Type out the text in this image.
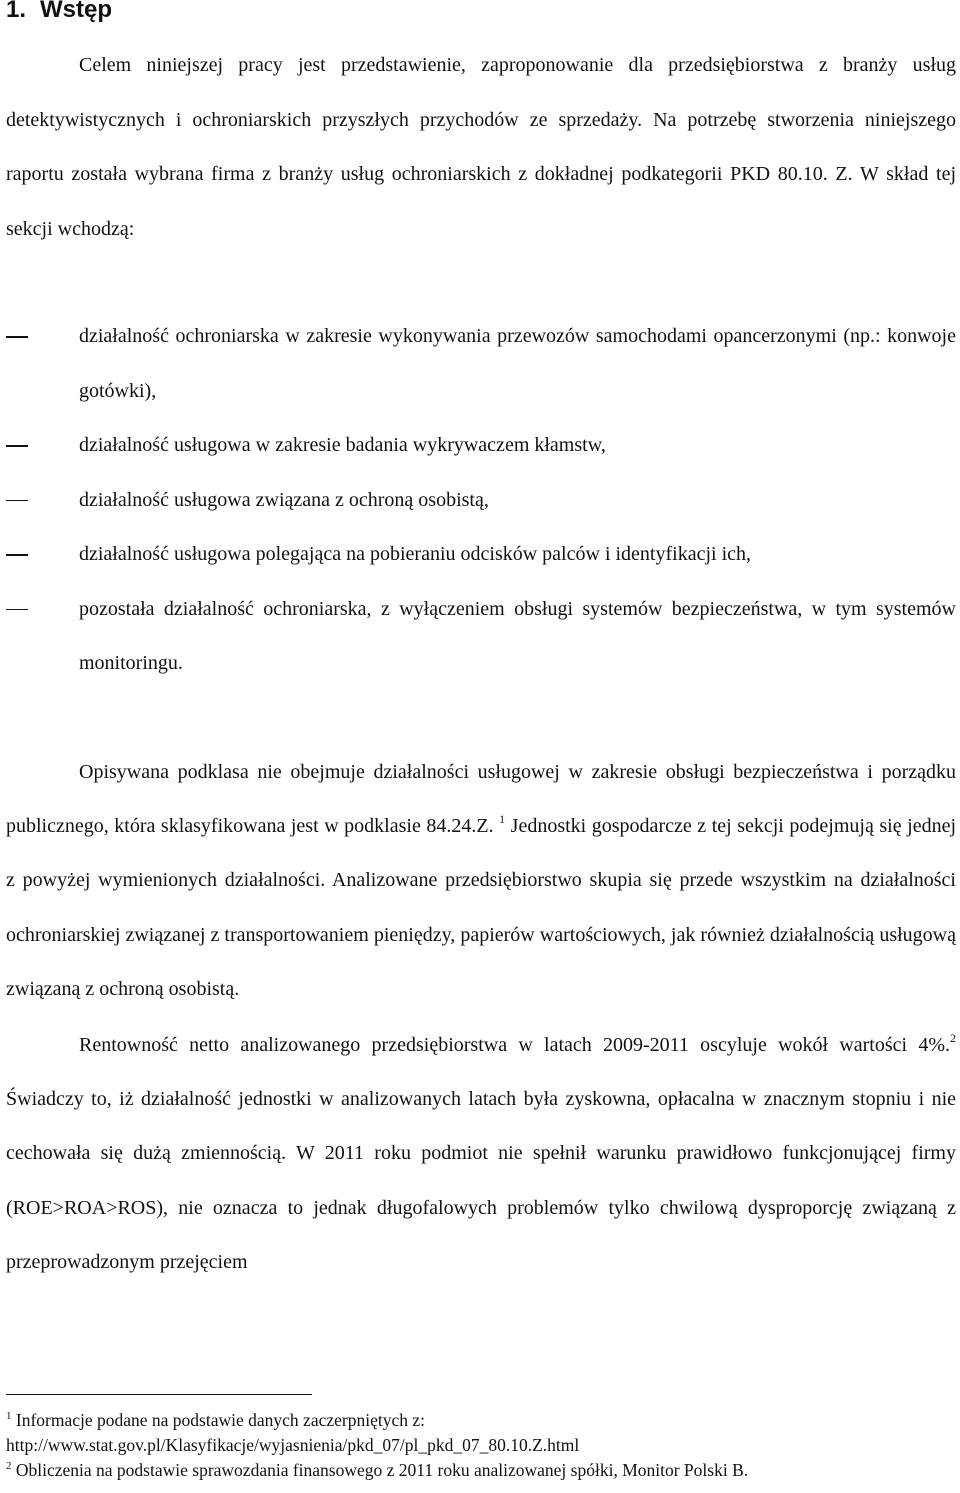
1. Wstęp

Celem niniejszej pracy jest przedstawienie, zaproponowanie dla przedsiębiorstwa z branży usług detektywistycznych i ochroniarskich przyszłych przychodów ze sprzedaży. Na potrzebę stworzenia niniejszego raportu została wybrana firma z branży usług ochroniarskich z dokładnej podkategorii PKD 80.10. Z. W skład tej sekcji wchodzą:

działalność ochroniarska w zakresie wykonywania przewozów samochodami opancerzonymi (np.: konwoje gotówki),
działalność usługowa w zakresie badania wykrywaczem kłamstw,
działalność usługowa związana z ochroną osobistą,
działalność usługowa polegająca na pobieraniu odcisków palców i identyfikacji ich,
pozostała działalność ochroniarska, z wyłączeniem obsługi systemów bezpieczeństwa, w tym systemów monitoringu.

Opisywana podklasa nie obejmuje działalności usługowej w zakresie obsługi bezpieczeństwa i porządku publicznego, która sklasyfikowana jest w podklasie 84.24.Z. $^1$ Jednostki gospodarcze z tej sekcji podejmują się jednej z powyżej wymienionych działalności. Analizowane przedsiębiorstwo skupia się przede wszystkim na działalności ochroniarskiej związanej z transportowaniem pieniędzy, papierów wartościowych, jak również działalnością usługową związaną z ochroną osobistą.

Rentowność netto analizowanego przedsiębiorstwa w latach 2009-2011 oscyluje wokół wartości 4%.$^2$ Świadczy to, iż działalność jednostki w analizowanych latach była zyskowna, opłacalna w znacznym stopniu i nie cechowała się dużą zmiennością. W 2011 roku podmiot nie spełnił warunku prawidłowo funkcjonującej firmy (ROE>ROA>ROS), nie oznacza to jednak długofalowych problemów tylko chwilową dysproporcję związaną z przeprowadzonym przejęciem

$^1$ Informacje podane na podstawie danych zaczerpniętych z:

http://www.stat.gov.pl/Klasyfikacje/wyjasnienia/pkd_07/pl_pkd_07_80.10.Z.html

$^2$ Obliczenia na podstawie sprawozdania finansowego z 2011 roku analizowanej spółki, Monitor Polski B.
